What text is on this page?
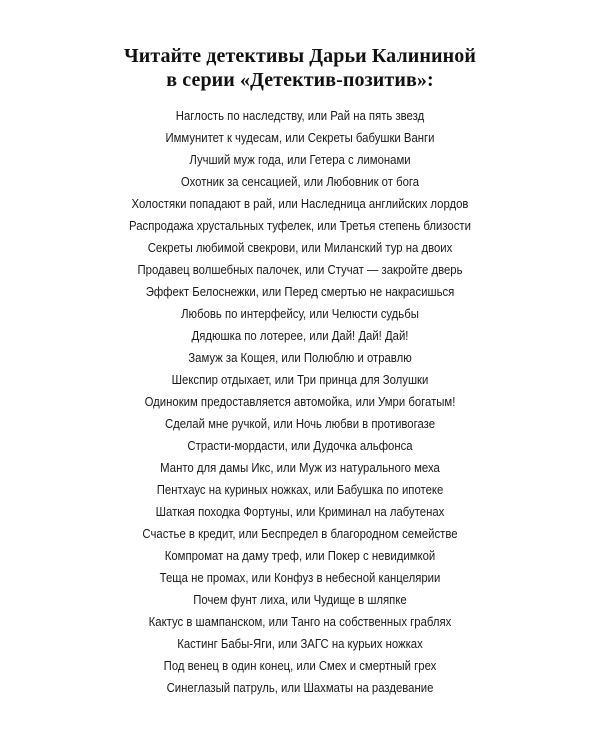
Читайте детективы Дарьи Калининой
в серии «Детектив-позитив»:
Наглость по наследству, или Рай на пять звезд
Иммунитет к чудесам, или Секреты бабушки Ванги
Лучший муж года, или Гетера с лимонами
Охотник за сенсацией, или Любовник от бога
Холостяки попадают в рай, или Наследница английских лордов
Распродажа хрустальных туфелек, или Третья степень близости
Секреты любимой свекрови, или Миланский тур на двоих
Продавец волшебных палочек, или Стучат — закройте дверь
Эффект Белоснежки, или Перед смертью не накрасишься
Любовь по интерфейсу, или Челюсти судьбы
Дядюшка по лотерее, или Дай! Дай! Дай!
Замуж за Кощея, или Полюблю и отравлю
Шекспир отдыхает, или Три принца для Золушки
Одиноким предоставляется автомойка, или Умри богатым!
Сделай мне ручкой, или Ночь любви в противогазе
Страсти-мордасти, или Дудочка альфонса
Манто для дамы Икс, или Муж из натурального меха
Пентхаус на куриных ножках, или Бабушка по ипотеке
Шаткая походка Фортуны, или Криминал на лабутенах
Счастье в кредит, или Беспредел в благородном семействе
Компромат на даму треф, или Покер с невидимкой
Теща не промах, или Конфуз в небесной канцелярии
Почем фунт лиха, или Чудище в шляпке
Кактус в шампанском, или Танго на собственных граблях
Кастинг Бабы-Яги, или ЗАГС на курьих ножках
Под венец в один конец, или Смех и смертный грех
Синеглазый патруль, или Шахматы на раздевание
